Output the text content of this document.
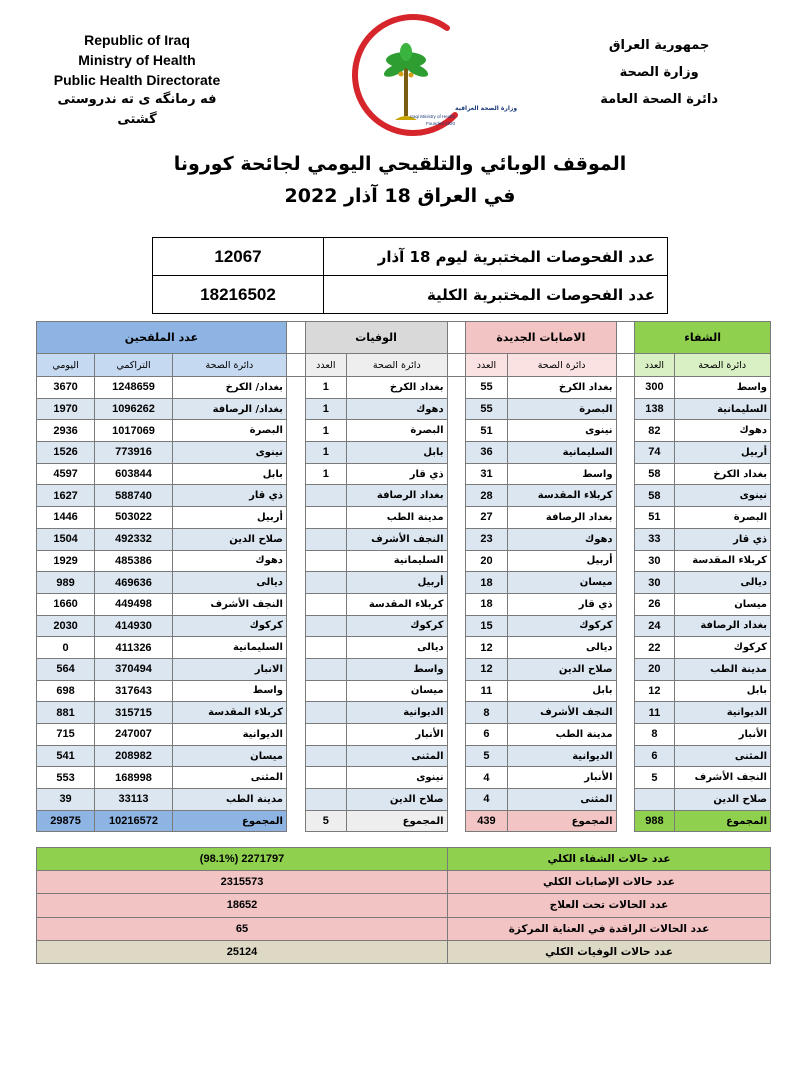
Republic of Iraq
Ministry of Health
Public Health Directorate
فه رمانگه ى ته ندروستى گشتى
جمهورية العراق
وزارة الصحة
دائرة الصحة العامة
وزارة الصحة العراقية
Iraqi Ministry of Health
Founded 1920
الموقف الوبائي والتلقيحي اليومي لجائحة كورونا
في العراق 18 آذار 2022
عدد الفحوصات المختبرية ليوم 18 آذار	12067
عدد الفحوصات المختبرية الكلية	18216502
الشفاء			الاصابات الجديدة			الوفيات			عدد الملقحين		
دائرة الصحة	العدد		دائرة الصحة	العدد		دائرة الصحة	العدد		دائرة الصحة	التراكمي	اليومي
واسط	300		بغداد الكرخ	55		بغداد الكرخ	1		بغداد/ الكرخ	1248659	3670
السليمانية	138		البصرة	55		دهوك	1		بغداد/ الرصافة	1096262	1970
دهوك	82		نينوى	51		البصرة	1		البصرة	1017069	2936
أربيل	74		السليمانية	36		بابل	1		نينوى	773916	1526
بغداد الكرخ	58		واسط	31		ذي قار	1		بابل	603844	4597
نينوى	58		كربلاء المقدسة	28		بغداد الرصافة			ذي قار	588740	1627
البصرة	51		بغداد الرصافة	27		مدينة الطب			أربيل	503022	1446
ذي قار	33		دهوك	23		النجف الأشرف			صلاح الدين	492332	1504
كربلاء المقدسة	30		أربيل	20		السليمانية			دهوك	485386	1929
ديالى	30		ميسان	18		أربيل			ديالى	469636	989
ميسان	26		ذي قار	18		كربلاء المقدسة			النجف الأشرف	449498	1660
بغداد الرصافة	24		كركوك	15		كركوك			كركوك	414930	2030
كركوك	22		ديالى	12		ديالى			السليمانية	411326	0
مدينة الطب	20		صلاح الدين	12		واسط			الانبار	370494	564
بابل	12		بابل	11		ميسان			واسط	317643	698
الديوانية	11		النجف الأشرف	8		الديوانية			كربلاء المقدسة	315715	881
الأنبار	8		مدينة الطب	6		الأنبار			الديوانية	247007	715
المثنى	6		الديوانية	5		المثنى			ميسان	208982	541
النجف الأشرف	5		الأنبار	4		نينوى			المثنى	168998	553
صلاح الدين			المثنى	4		صلاح الدين			مدينة الطب	33113	39
المجموع	988		المجموع	439		المجموع	5		المجموع	10216572	29875
عدد حالات الشفاء الكلي	2271797 (98.1%)
عدد حالات الإصابات الكلي	2315573
عدد الحالات تحت العلاج	18652
عدد الحالات الراقدة في العناية المركزة	65
عدد حالات الوفيات الكلي	25124
